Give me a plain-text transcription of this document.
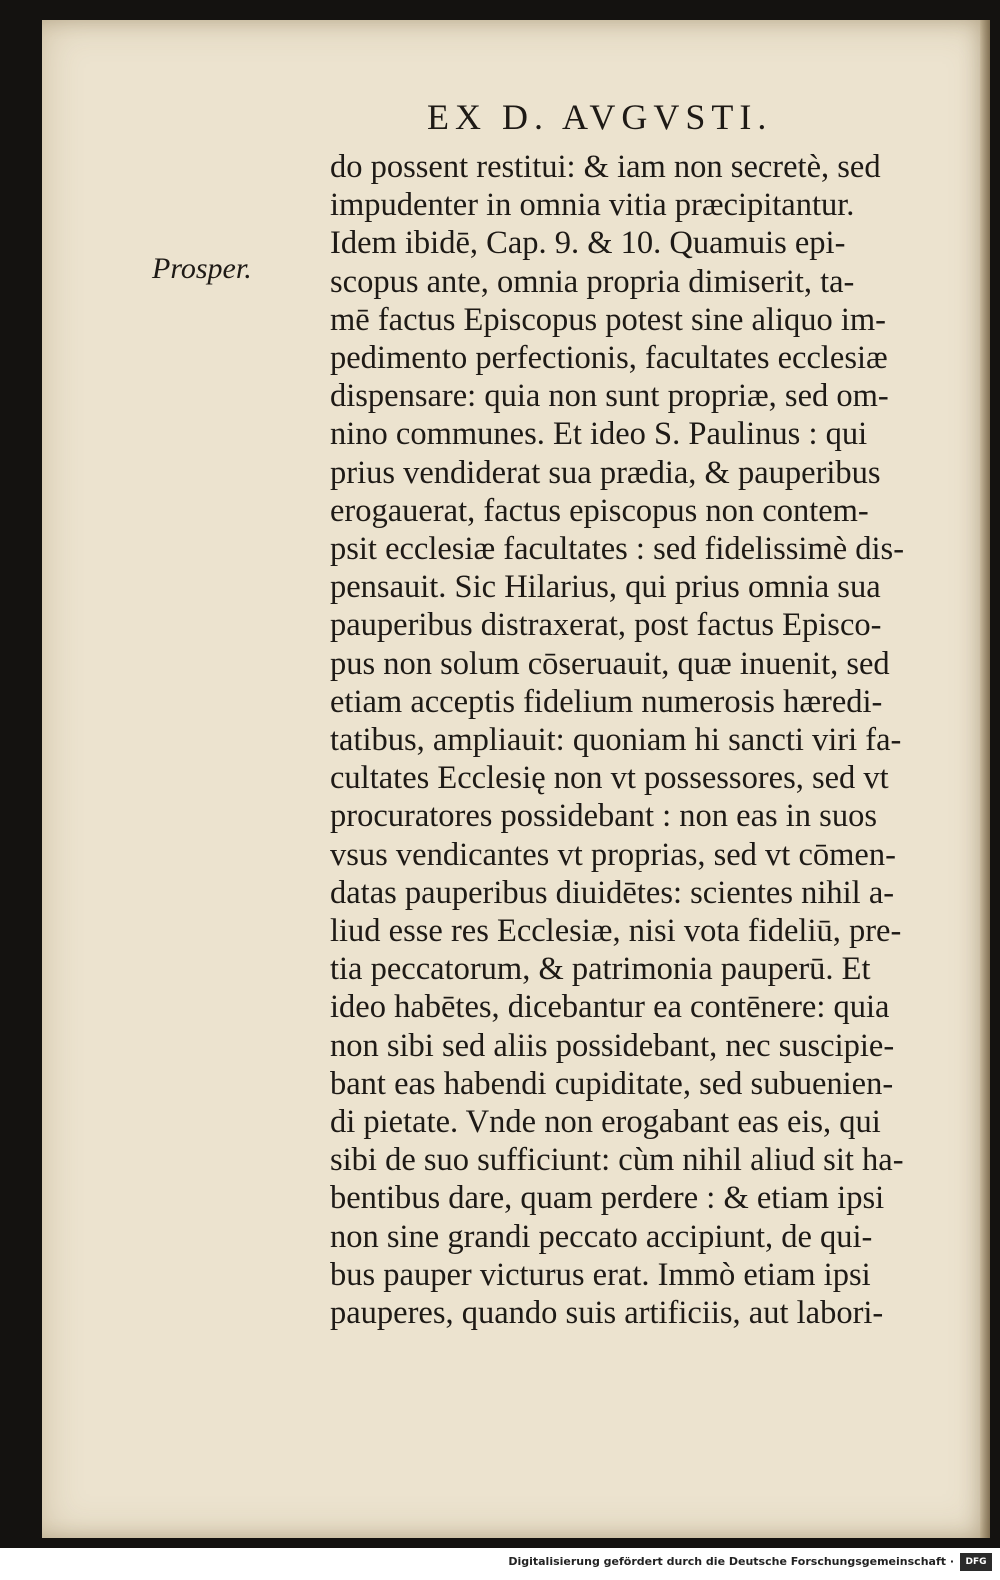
EX D. AVGVSTI.
Prosper.
do possent restitui: & iam non secretè, sed
impudenter in omnia vitia præcipitantur.
Idem ibidē, Cap. 9. & 10. Quamuis epi-
scopus ante, omnia propria dimiserit, ta-
mē factus Episcopus potest sine aliquo im-
pedimento perfectionis, facultates ecclesiæ
dispensare: quia non sunt propriæ, sed om-
nino communes. Et ideo S. Paulinus : qui
prius vendiderat sua prædia, & pauperibus
erogauerat, factus episcopus non contem-
psit ecclesiæ facultates : sed fidelissimè dis-
pensauit. Sic Hilarius, qui prius omnia sua
pauperibus distraxerat, post factus Episco-
pus non solum cōseruauit, quæ inuenit, sed
etiam acceptis fidelium numerosis hæredi-
tatibus, ampliauit: quoniam hi sancti viri fa-
cultates Ecclesię non vt possessores, sed vt
procuratores possidebant : non eas in suos
vsus vendicantes vt proprias, sed vt cōmen-
datas pauperibus diuidētes: scientes nihil a-
liud esse res Ecclesiæ, nisi vota fideliū, pre-
tia peccatorum, & patrimonia pauperū. Et
ideo habētes, dicebantur ea contēnere: quia
non sibi sed aliis possidebant, nec suscipie-
bant eas habendi cupiditate, sed subuenien-
di pietate. Vnde non erogabant eas eis, qui
sibi de suo sufficiunt: cùm nihil aliud sit ha-
bentibus dare, quam perdere : & etiam ipsi
non sine grandi peccato accipiunt, de qui-
bus pauper victurus erat. Immò etiam ipsi
pauperes, quando suis artificiis, aut labori-
Digitalisierung gefördert durch die Deutsche Forschungsgemeinschaft ·	DFG
